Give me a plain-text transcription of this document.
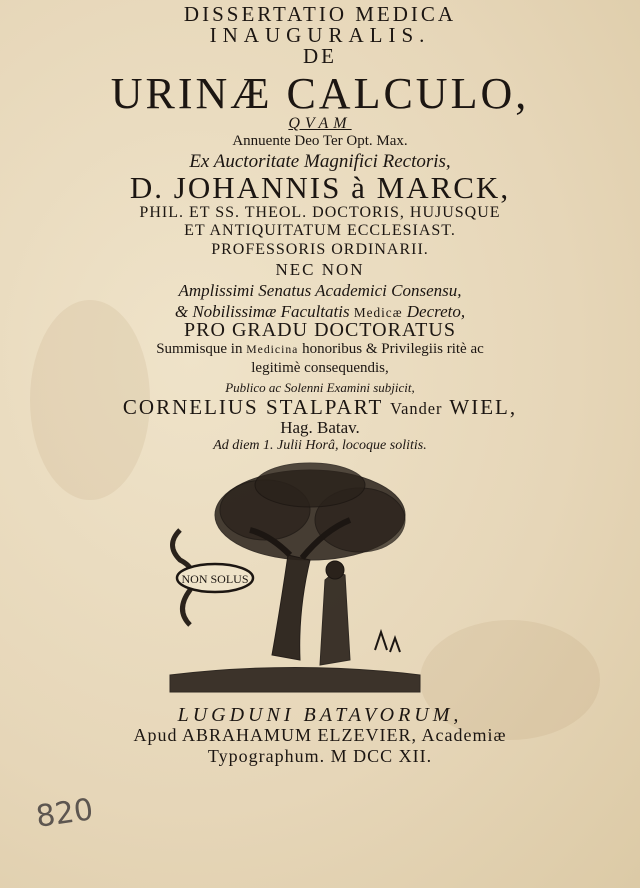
DISSERTATIO MEDICA
INAUGURALIS.
DE
URINÆ CALCULO,
QVAM
Annuente Deo Ter Opt. Max.
Ex Auctoritate Magnifici Rectoris,
D. JOHANNIS à MARCK,
PHIL. ET SS. THEOL. DOCTORIS, HUJUSQUE
ET ANTIQUITATUM ECCLESIAST.
PROFESSORIS ORDINARII.
NEC NON
Amplissimi Senatus Academici Consensu,
& Nobilissimæ Facultatis Medicæ Decreto,
PRO GRADU DOCTORATUS
Summisque in Medicina honoribus & Privilegiis ritè ac
legitimè consequendis,
Publico ac Solenni Examini subjicit,
CORNELIUS STALPART Vander WIEL,
Hag. Batav.
Ad diem 1. Julii Horâ, locoque solitis.
NON SOLUS
LUGDUNI BATAVORUM,
Apud ABRAHAMUM ELZEVIER, Academiæ
Typographum. M DCC XII.
820
